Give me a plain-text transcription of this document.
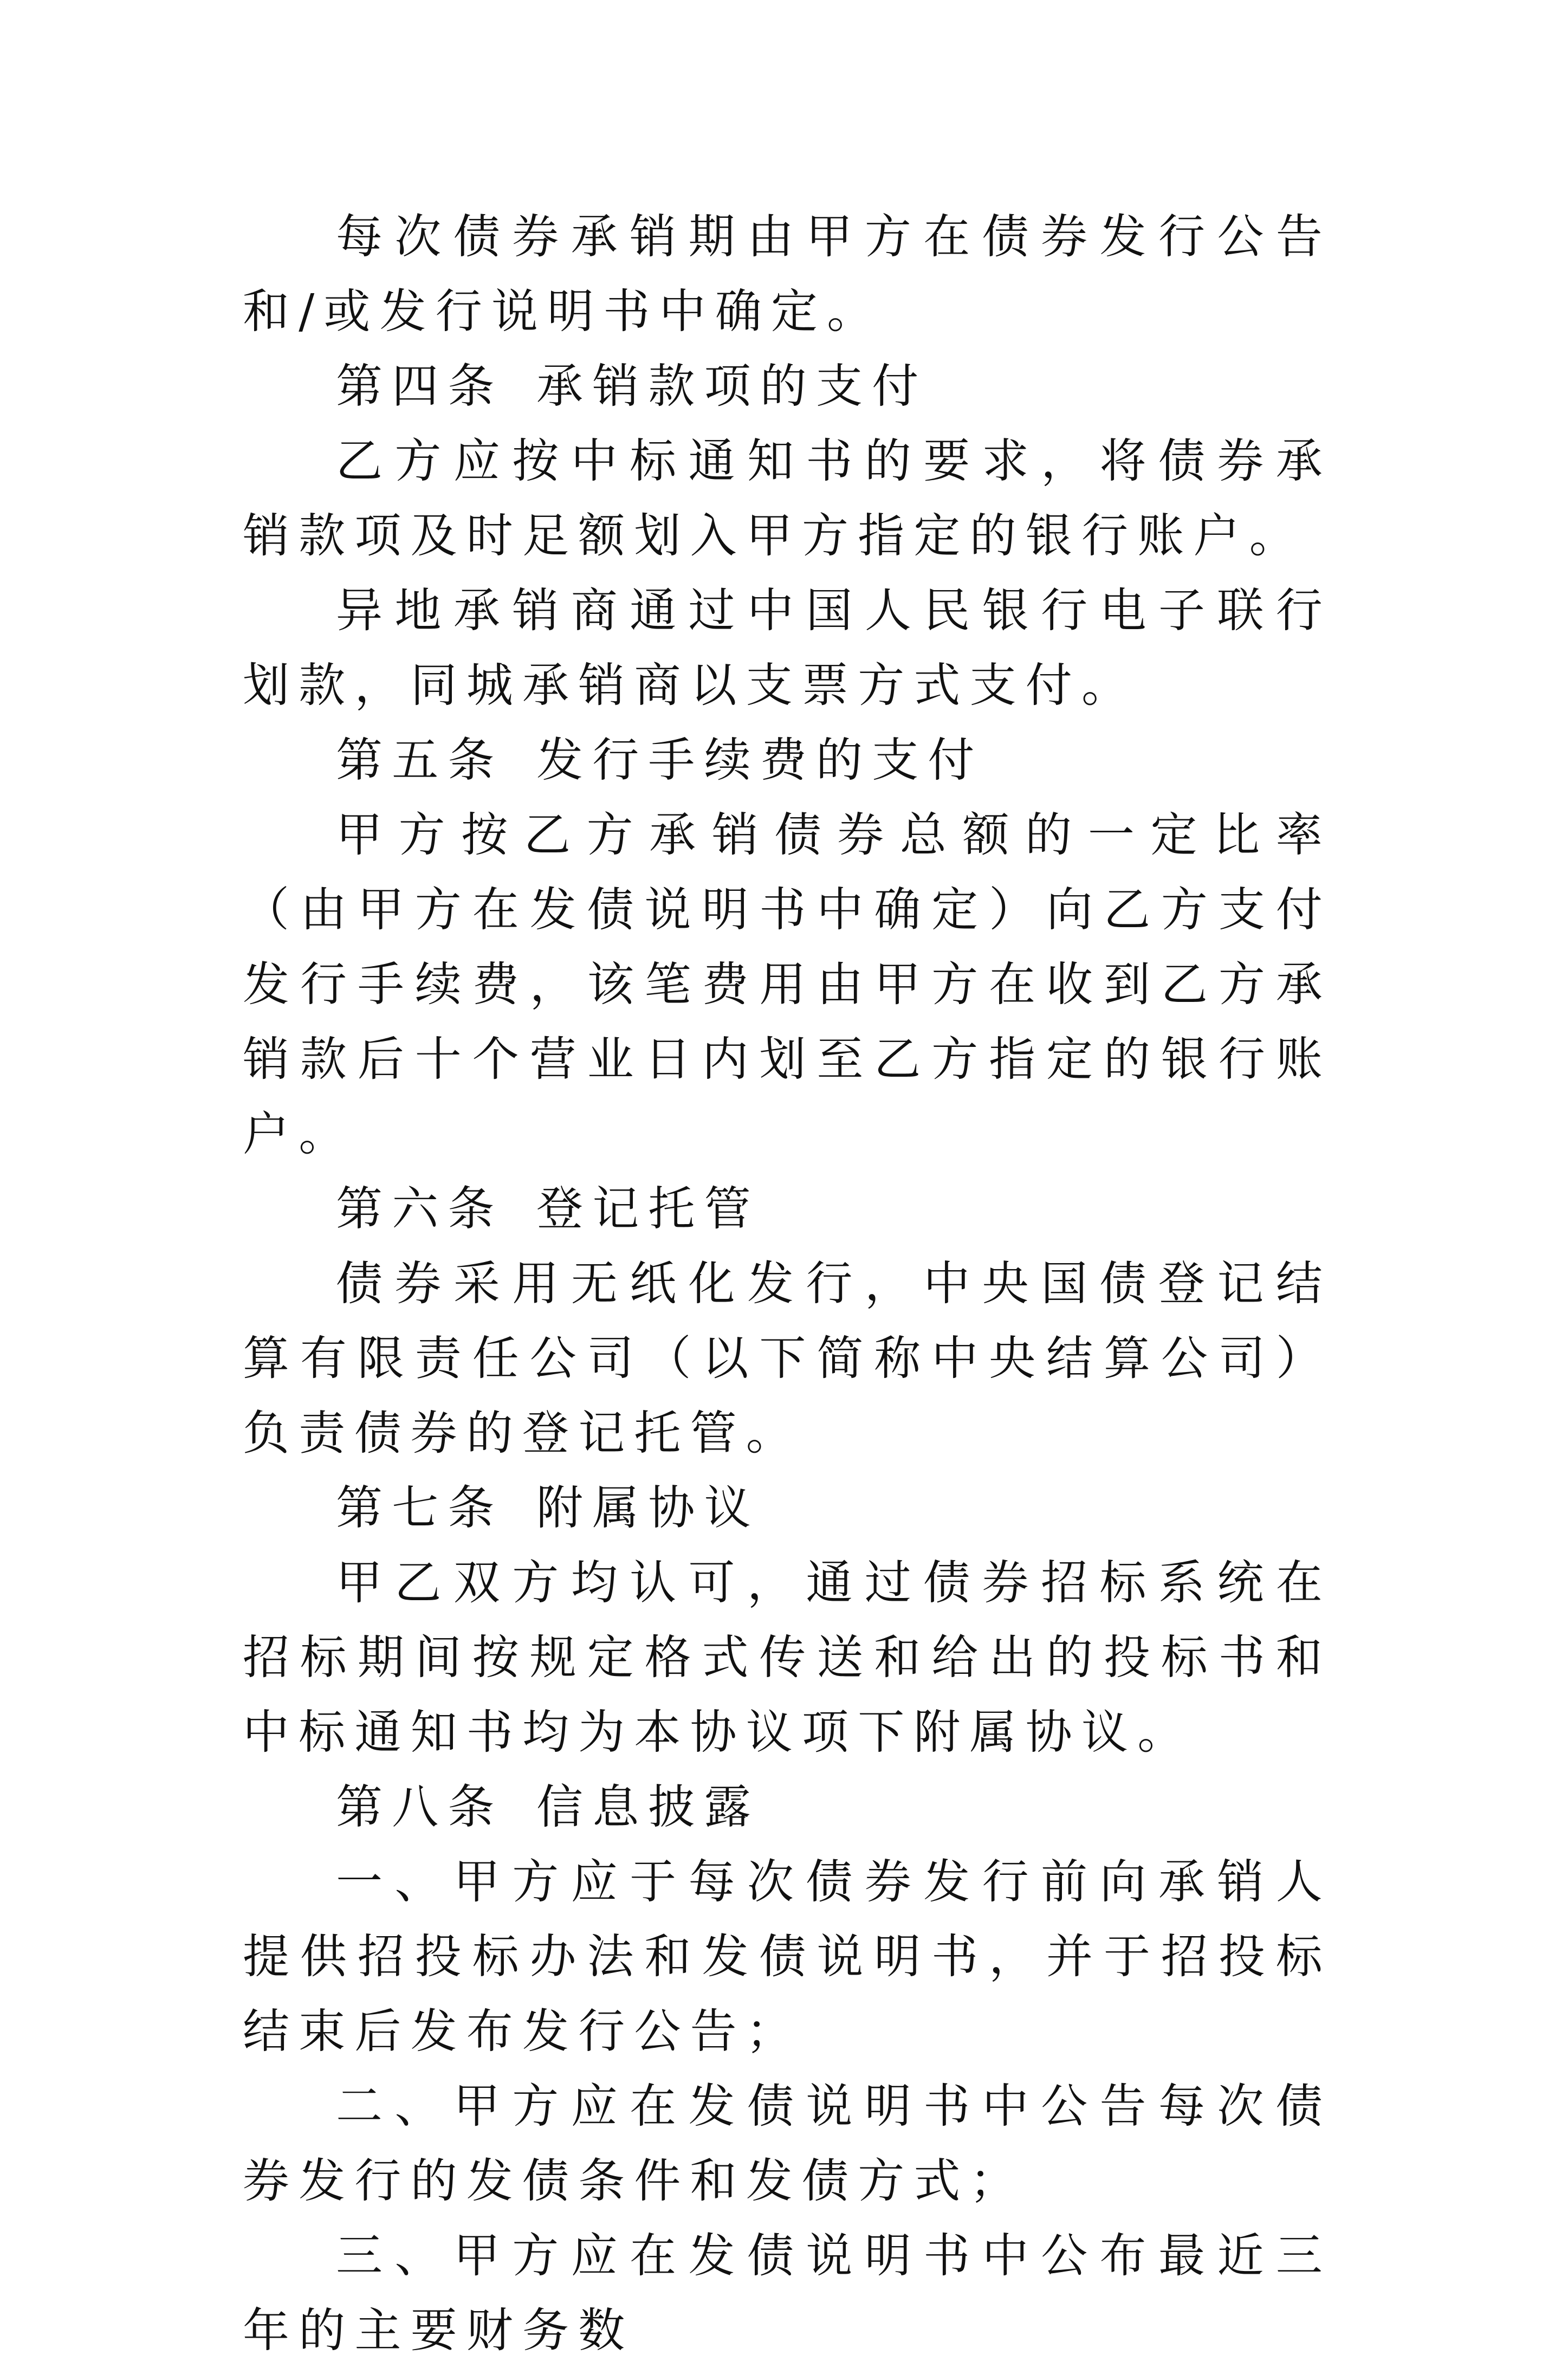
每次债券承销期由甲方在债券发行公告和/或发行说明书中确定。

第四条 承销款项的支付

乙方应按中标通知书的要求，将债券承销款项及时足额划入甲方指定的银行账户。

异地承销商通过中国人民银行电子联行划款，同城承销商以支票方式支付。

第五条 发行手续费的支付

甲方按乙方承销债券总额的一定比率（由甲方在发债说明书中确定）向乙方支付发行手续费，该笔费用由甲方在收到乙方承销款后十个营业日内划至乙方指定的银行账户。

第六条 登记托管

债券采用无纸化发行，中央国债登记结算有限责任公司（以下简称中央结算公司）负责债券的登记托管。

第七条 附属协议

甲乙双方均认可，通过债券招标系统在招标期间按规定格式传送和给出的投标书和中标通知书均为本协议项下附属协议。

第八条 信息披露

一、甲方应于每次债券发行前向承销人提供招投标办法和发债说明书，并于招投标结束后发布发行公告；

二、甲方应在发债说明书中公告每次债券发行的发债条件和发债方式；

三、甲方应在发债说明书中公布最近三年的主要财务数
